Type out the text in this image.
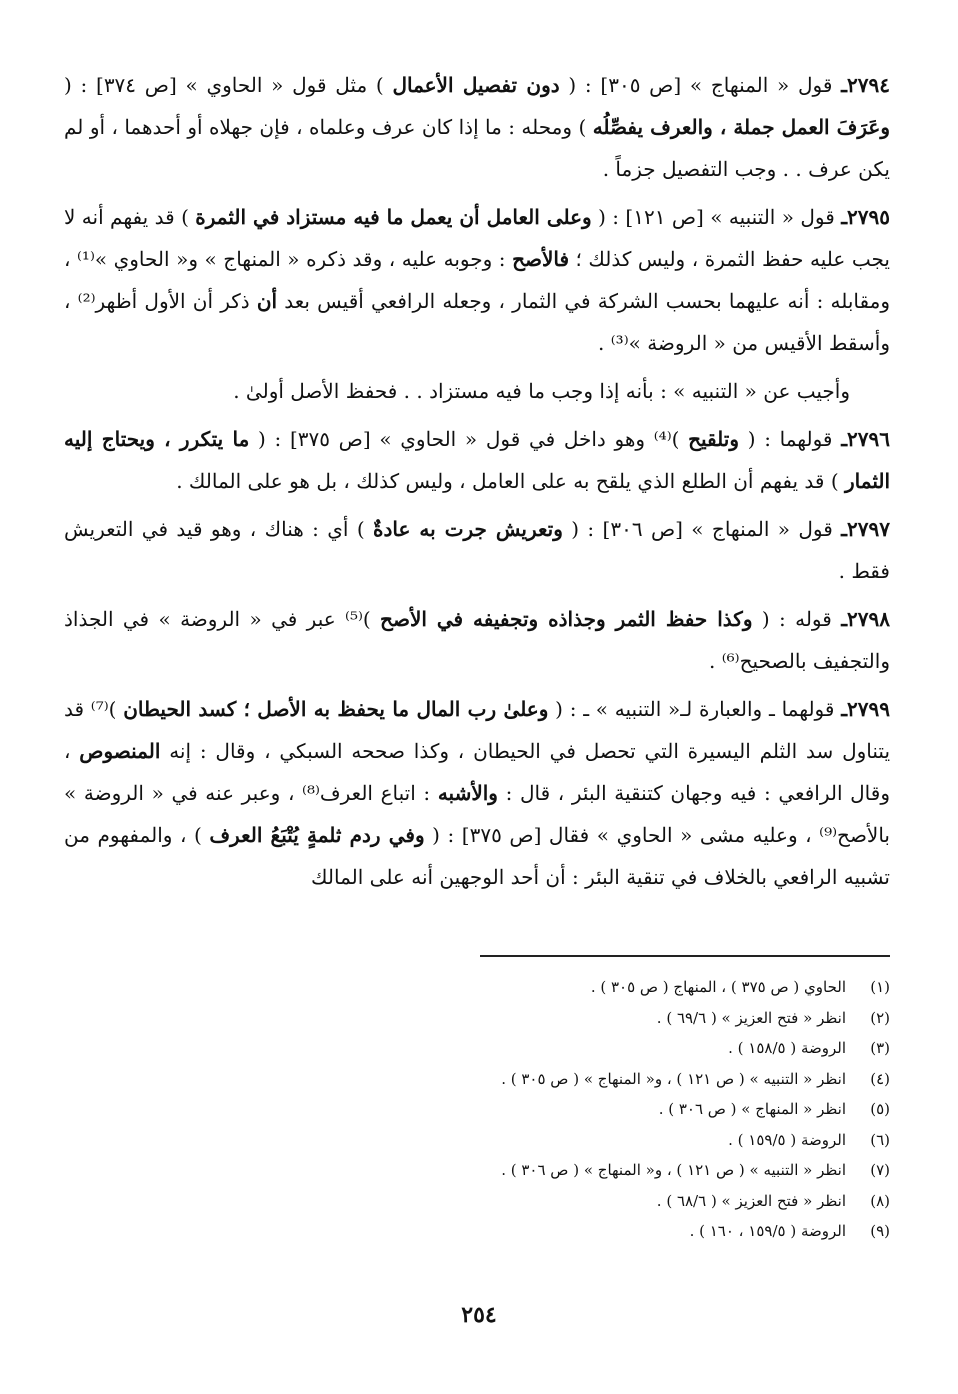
٢٧٩٤ـ قول « المنهاج » [ص ٣٠٥] : ( دون تفصيل الأعمال ) مثل قول « الحاوي » [ص ٣٧٤] : ( وعَرَفَ العمل جملة ، والعرف يفصِّلُه ) ومحله : ما إذا كان عرف وعلماه ، فإن جهلاه أو أحدهما ، أو لم يكن عرف . . وجب التفصيل جزماً .

٢٧٩٥ـ قول « التنبيه » [ص ١٢١] : ( وعلى العامل أن يعمل ما فيه مستزاد في الثمرة ) قد يفهم أنه لا يجب عليه حفظ الثمرة ، وليس كذلك ؛ فالأصح : وجوبه عليه ، وقد ذكره « المنهاج » و« الحاوي »⁽¹⁾ ، ومقابله : أنه عليهما بحسب الشركة في الثمار ، وجعله الرافعي أقيس بعد أن ذكر أن الأول أظهر⁽²⁾ ، وأسقط الأقيس من « الروضة »⁽³⁾ .

وأجيب عن « التنبيه » : بأنه إذا وجب ما فيه مستزاد . . فحفظ الأصل أولىٰ .

٢٧٩٦ـ قولهما : ( وتلقيح )⁽⁴⁾ وهو داخل في قول « الحاوي » [ص ٣٧٥] : ( ما يتكرر ، ويحتاج إليه الثمار ) قد يفهم أن الطلع الذي يلقح به على العامل ، وليس كذلك ، بل هو على المالك .

٢٧٩٧ـ قول « المنهاج » [ص ٣٠٦] : ( وتعريش جرت به عادةٌ ) أي : هناك ، وهو قيد في التعريش فقط .

٢٧٩٨ـ قوله : ( وكذا حفظ الثمر وجذاذه وتجفيفه في الأصح )⁽⁵⁾ عبر في « الروضة » في الجذاذ والتجفيف بالصحيح⁽⁶⁾ .

٢٧٩٩ـ قولهما ـ والعبارة لـ« التنبيه » ـ : ( وعلىٰ رب المال ما يحفظ به الأصل ؛ كسد الحيطان )⁽⁷⁾ قد يتناول سد الثلم اليسيرة التي تحصل في الحيطان ، وكذا صححه السبكي ، وقال : إنه المنصوص ، وقال الرافعي : فيه وجهان كتنقية البئر ، قال : والأشبه : اتباع العرف⁽⁸⁾ ، وعبر عنه في « الروضة » بالأصح⁽⁹⁾ ، وعليه مشى « الحاوي » فقال [ص ٣٧٥] : ( وفي ردم ثلمةٍ يُتْبَعُ العرف ) ، والمفهوم من تشبيه الرافعي بالخلاف في تنقية البئر : أن أحد الوجهين أنه على المالك

(١)
الحاوي ( ص ٣٧٥ ) ، المنهاج ( ص ٣٠٥ ) .
(٢)
انظر « فتح العزيز » ( ٦٩/٦ ) .
(٣)
الروضة ( ١٥٨/٥ ) .
(٤)
انظر « التنبيه » ( ص ١٢١ ) ، و« المنهاج » ( ص ٣٠٥ ) .
(٥)
انظر « المنهاج » ( ص ٣٠٦ ) .
(٦)
الروضة ( ١٥٩/٥ ) .
(٧)
انظر « التنبيه » ( ص ١٢١ ) ، و« المنهاج » ( ص ٣٠٦ ) .
(٨)
انظر « فتح العزيز » ( ٦٨/٦ ) .
(٩)
الروضة ( ١٥٩/٥ ، ١٦٠ ) .
٢٥٤
